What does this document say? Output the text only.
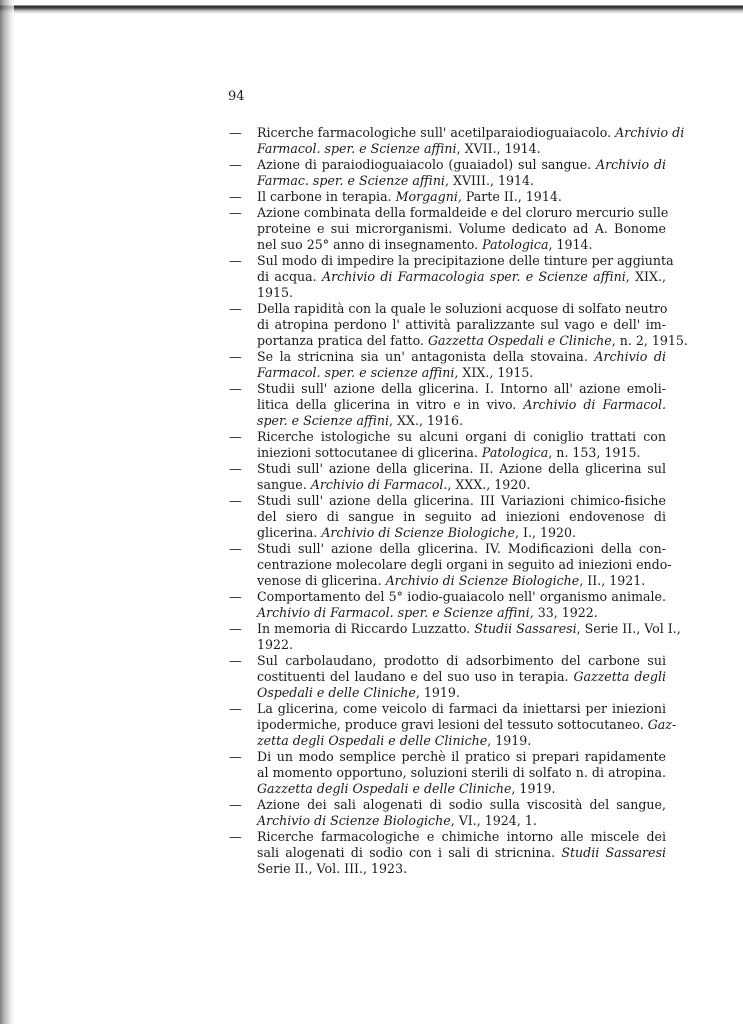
94
— Ricerche farmacologiche sull' acetilparaiodioguaiacolo. Archivio di
Farmacol. sper. e Scienze affini, XVII., 1914.
— Azione di paraiodioguaiacolo (guaiadol) sul sangue. Archivio di
Farmac. sper. e Scienze affini, XVIII., 1914.
— Il carbone in terapia. Morgagni, Parte II., 1914.
— Azione combinata della formaldeide e del cloruro mercurio sulle
proteine e sui microrganismi. Volume dedicato ad A. Bonome
nel suo 25° anno di insegnamento. Patologica, 1914.
— Sul modo di impedire la precipitazione delle tinture per aggiunta
di acqua. Archivio di Farmacologia sper. e Scienze affini, XIX.,
1915.
— Della rapidità con la quale le soluzioni acquose di solfato neutro
di atropina perdono l' attività paralizzante sul vago e dell' im-
portanza pratica del fatto. Gazzetta Ospedali e Cliniche, n. 2, 1915.
— Se la stricnina sia un' antagonista della stovaina. Archivio di
Farmacol. sper. e scienze affini, XIX., 1915.
— Studii sull' azione della glicerina. I. Intorno all' azione emoli-
litica della glicerina in vitro e in vivo. Archivio di Farmacol.
sper. e Scienze affini, XX., 1916.
— Ricerche istologiche su alcuni organi di coniglio trattati con
iniezioni sottocutanee di glicerina. Patologica, n. 153, 1915.
— Studi sull' azione della glicerina. II. Azione della glicerina sul
sangue. Archivio di Farmacol., XXX., 1920.
— Studi sull' azione della glicerina. III Variazioni chimico-fisiche
del siero di sangue in seguito ad iniezioni endovenose di
glicerina. Archivio di Scienze Biologiche, I., 1920.
— Studi sull' azione della glicerina. IV. Modificazioni della con-
centrazione molecolare degli organi in seguito ad iniezioni endo-
venose di glicerina. Archivio di Scienze Biologiche, II., 1921.
— Comportamento del 5° iodio-guaiacolo nell' organismo animale.
Archivio di Farmacol. sper. e Scienze affini, 33, 1922.
— In memoria di Riccardo Luzzatto. Studii Sassaresi, Serie II., Vol I.,
1922.
— Sul carbolaudano, prodotto di adsorbimento del carbone sui
costituenti del laudano e del suo uso in terapia. Gazzetta degli
Ospedali e delle Cliniche, 1919.
— La glicerina, come veicolo di farmaci da iniettarsi per iniezioni
ipodermiche, produce gravi lesioni del tessuto sottocutaneo. Gaz-
zetta degli Ospedali e delle Cliniche, 1919.
— Di un modo semplice perchè il pratico si prepari rapidamente
al momento opportuno, soluzioni sterili di solfato n. di atropina.
Gazzetta degli Ospedali e delle Cliniche, 1919.
— Azione dei sali alogenati di sodio sulla viscosità del sangue,
Archivio di Scienze Biologiche, VI., 1924, 1.
— Ricerche farmacologiche e chimiche intorno alle miscele dei
sali alogenati di sodio con i sali di stricnina. Studii Sassaresi
Serie II., Vol. III., 1923.
